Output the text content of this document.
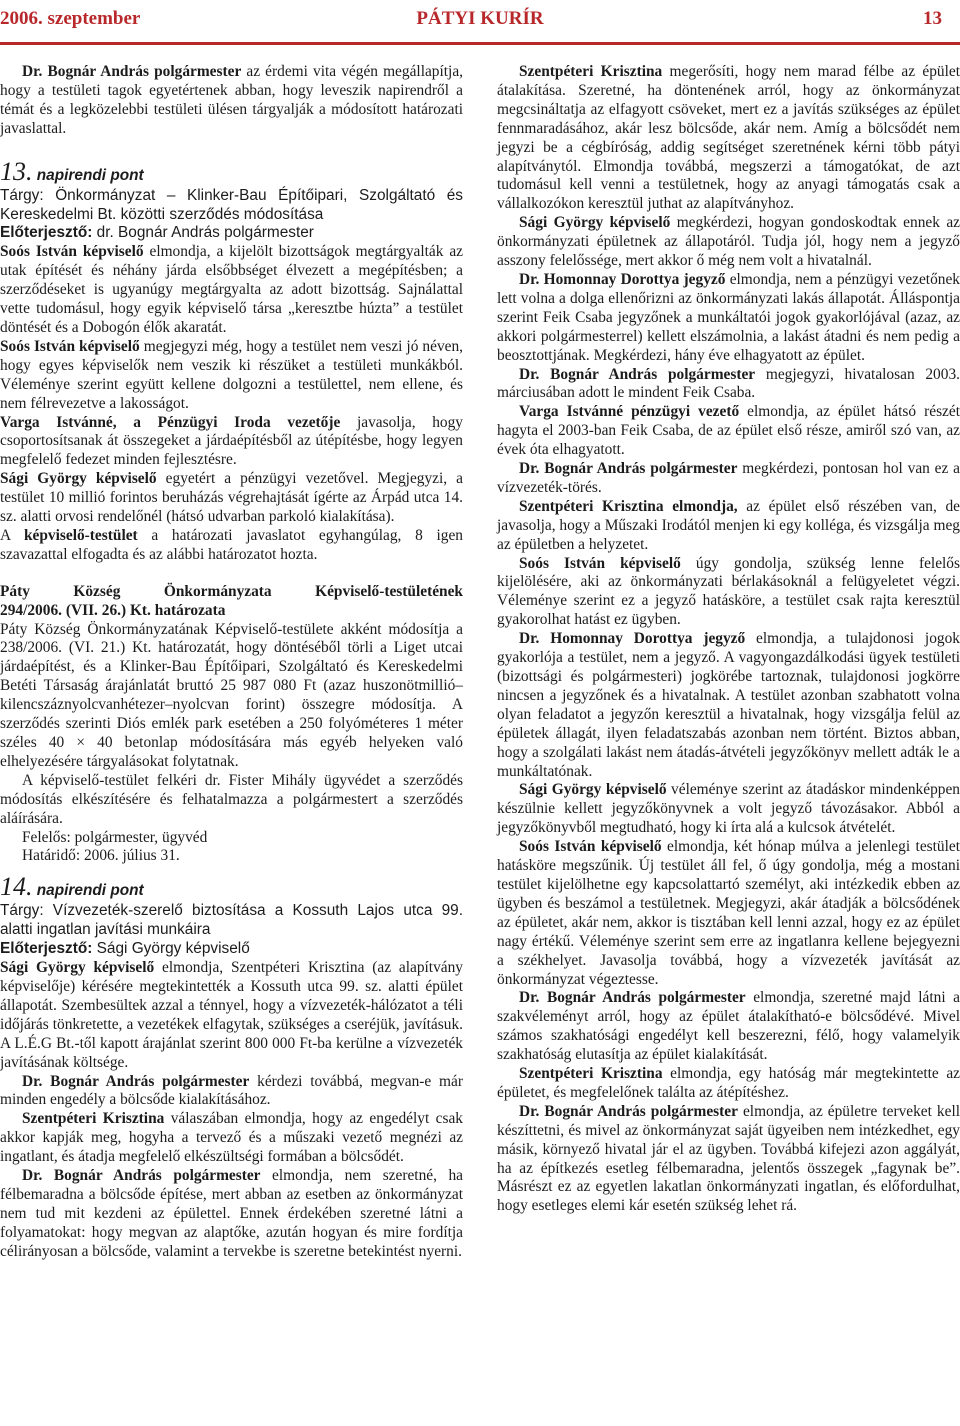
2006. szeptember	PÁTYI KURÍR	13

Dr. Bognár András polgármester az érdemi vita végén megállapítja, hogy a testületi tagok egyetértenek abban, hogy leveszik napirendről a témát és a legközelebbi testületi ülésen tárgyalják a módosított határozati javaslattal.

13. napirendi pont

Tárgy: Önkormányzat – Klinker-Bau Építőipari, Szolgáltató és Kereskedelmi Bt. közötti szerződés módosítása

Előterjesztő: dr. Bognár András polgármester

Soós István képviselő elmondja, a kijelölt bizottságok megtárgyalták az utak építését és néhány járda elsőbbséget élvezett a megépítésben; a szerződéseket is ugyanúgy megtárgyalta az adott bizottság. Sajnálattal vette tudomásul, hogy egyik képviselő társa „keresztbe húzta” a testület döntését és a Dobogón élők akaratát.

Soós István képviselő megjegyzi még, hogy a testület nem veszi jó néven, hogy egyes képviselők nem veszik ki részüket a testületi munkákból. Véleménye szerint együtt kellene dolgozni a testülettel, nem ellene, és nem félrevezetve a lakosságot.

Varga Istvánné, a Pénzügyi Iroda vezetője javasolja, hogy csoportosítsanak át összegeket a járdaépítésből az útépítésbe, hogy legyen megfelelő fedezet minden fejlesztésre.

Sági György képviselő egyetért a pénzügyi vezetővel. Megjegyzi, a testület 10 millió forintos beruházás végrehajtását ígérte az Árpád utca 14. sz. alatti orvosi rendelőnél (hátsó udvarban parkoló kialakítása).

A képviselő-testület a határozati javaslatot egyhangúlag, 8 igen szavazattal elfogadta és az alábbi határozatot hozta.

Páty Község Önkormányzata Képviselő-testületének

294/2006. (VII. 26.) Kt. határozata

Páty Község Önkormányzatának Képviselő-testülete akként módosítja a 238/2006. (VI. 21.) Kt. határozatát, hogy döntéséből törli a Liget utcai járdaépítést, és a Klinker-Bau Építőipari, Szolgáltató és Kereskedelmi Betéti Társaság árajánlatát bruttó 25 987 080 Ft (azaz huszonötmillió–kilencszáznyolcvanhétezer–nyolcvan forint) összegre módosítja. A szerződés szerinti Diós emlék park esetében a 250 folyóméteres 1 méter széles 40 × 40 betonlap módosítására más egyéb helyeken való elhelyezésére tárgyalásokat folytatnak.

A képviselő-testület felkéri dr. Fister Mihály ügyvédet a szerződés módosítás elkészítésére és felhatalmazza a polgármestert a szerződés aláírására.

Felelős: polgármester, ügyvéd

Határidő: 2006. július 31.

14. napirendi pont

Tárgy: Vízvezeték-szerelő biztosítása a Kossuth Lajos utca 99. alatti ingatlan javítási munkáira

Előterjesztő: Sági György képviselő

Sági György képviselő elmondja, Szentpéteri Krisztina (az alapítvány képviselője) kérésére megtekintették a Kossuth utca 99. sz. alatti épület állapotát. Szembesültek azzal a ténnyel, hogy a vízvezeték-hálózatot a téli időjárás tönkretette, a vezetékek elfagytak, szükséges a cseréjük, javításuk. A L.É.G Bt.-től kapott árajánlat szerint 800 000 Ft-ba kerülne a vízvezeték javításának költsége.

Dr. Bognár András polgármester kérdezi továbbá, megvan-e már minden engedély a bölcsőde kialakításához.

Szentpéteri Krisztina válaszában elmondja, hogy az engedélyt csak akkor kapják meg, hogyha a tervező és a műszaki vezető megnézi az ingatlant, és átadja megfelelő elkészültségi formában a bölcsődét.

Dr. Bognár András polgármester elmondja, nem szeretné, ha félbemaradna a bölcsőde építése, mert abban az esetben az önkormányzat nem tud mit kezdeni az épülettel. Ennek érdekében szeretné látni a folyamatokat: hogy megvan az alaptőke, azután hogyan és mire fordítja célirányosan a bölcsőde, valamint a tervekbe is szeretne betekintést nyerni.

Szentpéteri Krisztina megerősíti, hogy nem marad félbe az épület átalakítása. Szeretné, ha döntenének arról, hogy az önkormányzat megcsináltatja az elfagyott csöveket, mert ez a javítás szükséges az épület fennmaradásához, akár lesz bölcsőde, akár nem. Amíg a bölcsődét nem jegyzi be a cégbíróság, addig segítséget szeretnének kérni több pátyi alapítványtól. Elmondja továbbá, megszerzi a támogatókat, de azt tudomásul kell venni a testületnek, hogy az anyagi támogatás csak a vállalkozókon keresztül juthat az alapítványhoz.

Sági György képviselő megkérdezi, hogyan gondoskodtak ennek az önkormányzati épületnek az állapotáról. Tudja jól, hogy nem a jegyző asszony felelőssége, mert akkor ő még nem volt a hivatalnál.

Dr. Homonnay Dorottya jegyző elmondja, nem a pénzügyi vezetőnek lett volna a dolga ellenőrizni az önkormányzati lakás állapotát. Álláspontja szerint Feik Csaba jegyzőnek a munkáltatói jogok gyakorlójával (azaz, az akkori polgármesterrel) kellett elszámolnia, a lakást átadni és nem pedig a beosztottjának. Megkérdezi, hány éve elhagyatott az épület.

Dr. Bognár András polgármester megjegyzi, hivatalosan 2003. márciusában adott le mindent Feik Csaba.

Varga Istvánné pénzügyi vezető elmondja, az épület hátsó részét hagyta el 2003-ban Feik Csaba, de az épület első része, amiről szó van, az évek óta elhagyatott.

Dr. Bognár András polgármester megkérdezi, pontosan hol van ez a vízvezeték-törés.

Szentpéteri Krisztina elmondja, az épület első részében van, de javasolja, hogy a Műszaki Irodától menjen ki egy kolléga, és vizsgálja meg az épületben a helyzetet.

Soós István képviselő úgy gondolja, szükség lenne felelős kijelölésére, aki az önkormányzati bérlakásoknál a felügyeletet végzi. Véleménye szerint ez a jegyző hatásköre, a testület csak rajta keresztül gyakorolhat hatást ez ügyben.

Dr. Homonnay Dorottya jegyző elmondja, a tulajdonosi jogok gyakorlója a testület, nem a jegyző. A vagyongazdálkodási ügyek testületi (bizottsági és polgármesteri) jogkörébe tartoznak, tulajdonosi jogkörre nincsen a jegyzőnek és a hivatalnak. A testület azonban szabhatott volna olyan feladatot a jegyzőn keresztül a hivatalnak, hogy vizsgálja felül az épületek állagát, ilyen feladatszabás azonban nem történt. Biztos abban, hogy a szolgálati lakást nem átadás-átvételi jegyzőkönyv mellett adták le a munkáltatónak.

Sági György képviselő véleménye szerint az átadáskor mindenképpen készülnie kellett jegyzőkönyvnek a volt jegyző távozásakor. Abból a jegyzőkönyvből megtudható, hogy ki írta alá a kulcsok átvételét.

Soós István képviselő elmondja, két hónap múlva a jelenlegi testület hatásköre megszűnik. Új testület áll fel, ő úgy gondolja, még a mostani testület kijelölhetne egy kapcsolattartó személyt, aki intézkedik ebben az ügyben és beszámol a testületnek. Megjegyzi, akár átadják a bölcsődének az épületet, akár nem, akkor is tisztában kell lenni azzal, hogy ez az épület nagy értékű. Véleménye szerint sem erre az ingatlanra kellene bejegyezni a székhelyet. Javasolja továbbá, hogy a vízvezeték javítását az önkormányzat végeztesse.

Dr. Bognár András polgármester elmondja, szeretné majd látni a szakvéleményt arról, hogy az épület átalakítható-e bölcsődévé. Mivel számos szakhatósági engedélyt kell beszerezni, félő, hogy valamelyik szakhatóság elutasítja az épület kialakítását.

Szentpéteri Krisztina elmondja, egy hatóság már megtekintette az épületet, és megfelelőnek találta az átépítéshez.

Dr. Bognár András polgármester elmondja, az épületre terveket kell készíttetni, és mivel az önkormányzat saját ügyeiben nem intézkedhet, egy másik, környező hivatal jár el az ügyben. Továbbá kifejezi azon aggályát, ha az építkezés esetleg félbemaradna, jelentős összegek „fagynak be”. Másrészt ez az egyetlen lakatlan önkormányzati ingatlan, és előfordulhat, hogy esetleges elemi kár esetén szükség lehet rá.
